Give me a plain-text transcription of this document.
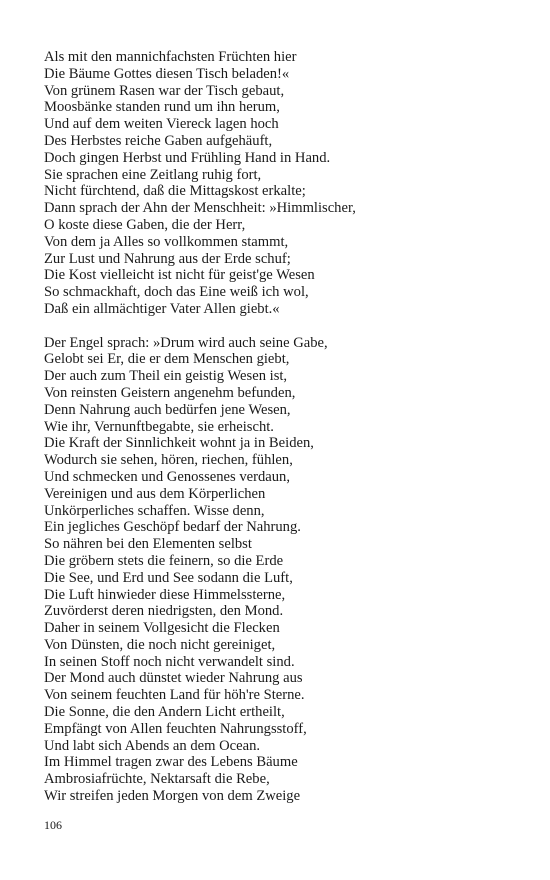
Als mit den mannichfachsten Früchten hier
Die Bäume Gottes diesen Tisch beladen!«
Von grünem Rasen war der Tisch gebaut,
Moosbänke standen rund um ihn herum,
Und auf dem weiten Viereck lagen hoch
Des Herbstes reiche Gaben aufgehäuft,
Doch gingen Herbst und Frühling Hand in Hand.
Sie sprachen eine Zeitlang ruhig fort,
Nicht fürchtend, daß die Mittagskost erkalte;
Dann sprach der Ahn der Menschheit: »Himmlischer,
O koste diese Gaben, die der Herr,
Von dem ja Alles so vollkommen stammt,
Zur Lust und Nahrung aus der Erde schuf;
Die Kost vielleicht ist nicht für geist'ge Wesen
So schmackhaft, doch das Eine weiß ich wol,
Daß ein allmächtiger Vater Allen giebt.«
Der Engel sprach: »Drum wird auch seine Gabe,
Gelobt sei Er, die er dem Menschen giebt,
Der auch zum Theil ein geistig Wesen ist,
Von reinsten Geistern angenehm befunden,
Denn Nahrung auch bedürfen jene Wesen,
Wie ihr, Vernunftbegabte, sie erheischt.
Die Kraft der Sinnlichkeit wohnt ja in Beiden,
Wodurch sie sehen, hören, riechen, fühlen,
Und schmecken und Genossenes verdaun,
Vereinigen und aus dem Körperlichen
Unkörperliches schaffen. Wisse denn,
Ein jegliches Geschöpf bedarf der Nahrung.
So nähren bei den Elementen selbst
Die gröbern stets die feinern, so die Erde
Die See, und Erd und See sodann die Luft,
Die Luft hinwieder diese Himmelssterne,
Zuvörderst deren niedrigsten, den Mond.
Daher in seinem Vollgesicht die Flecken
Von Dünsten, die noch nicht gereiniget,
In seinen Stoff noch nicht verwandelt sind.
Der Mond auch dünstet wieder Nahrung aus
Von seinem feuchten Land für höh're Sterne.
Die Sonne, die den Andern Licht ertheilt,
Empfängt von Allen feuchten Nahrungsstoff,
Und labt sich Abends an dem Ocean.
Im Himmel tragen zwar des Lebens Bäume
Ambrosiafrüchte, Nektarsaft die Rebe,
Wir streifen jeden Morgen von dem Zweige
106
